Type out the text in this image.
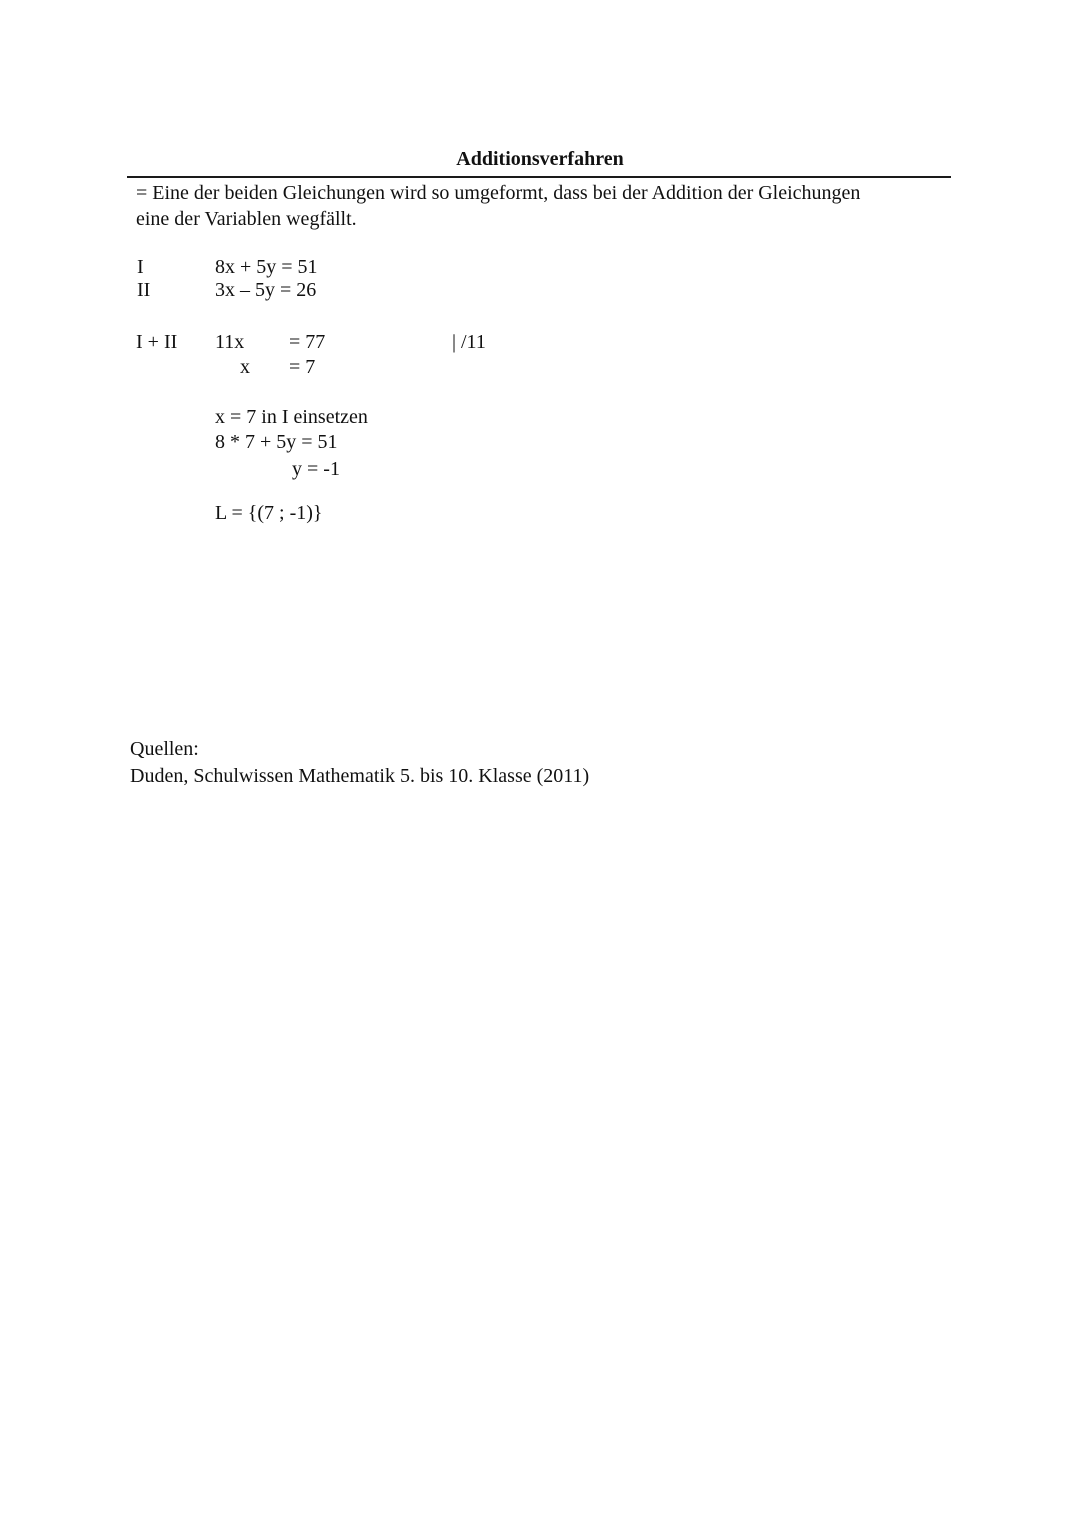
Additionsverfahren
= Eine der beiden Gleichungen wird so umgeformt, dass bei der Addition der Gleichungen
eine der Variablen wegfällt.
I	8x + 5y = 51
II	3x – 5y = 26
I + II 11x = 77	| /11
x = 7
x = 7 in I einsetzen
8 * 7 + 5y = 51
y = -1
L = {(7 ; -1)}
Quellen:
Duden, Schulwissen Mathematik 5. bis 10. Klasse (2011)
